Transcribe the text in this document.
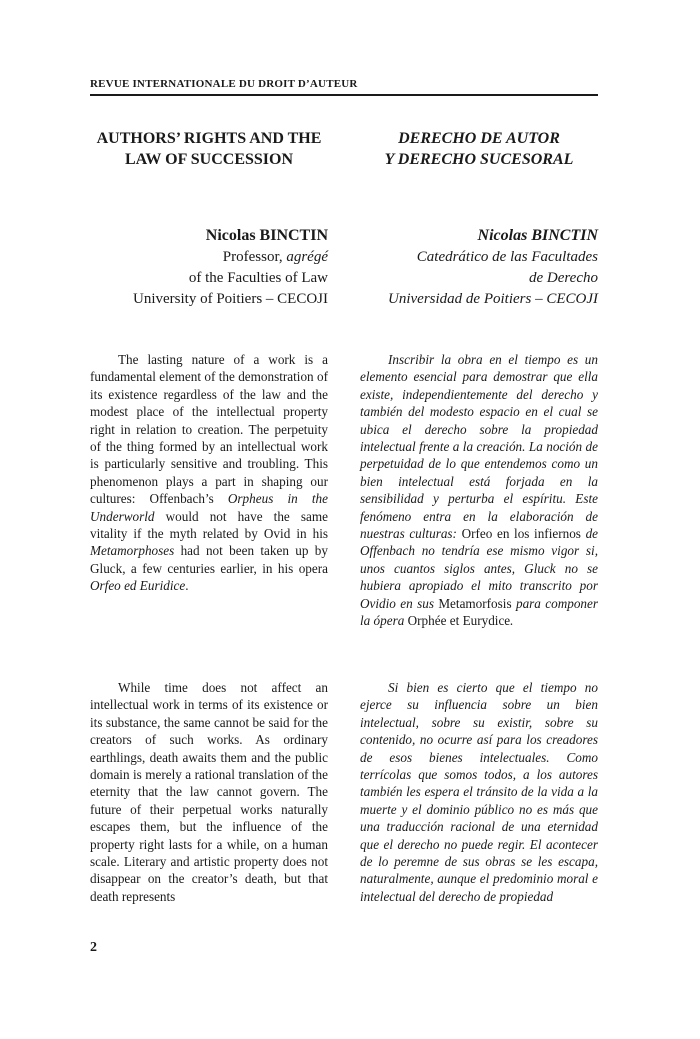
REVUE INTERNATIONALE DU DROIT D’AUTEUR
AUTHORS’ RIGHTS AND THE
LAW OF SUCCESSION
DERECHO DE AUTOR
Y DERECHO SUCESORAL
Nicolas BINCTIN
Professor, agrégé
of the Faculties of Law
University of Poitiers – CECOJI
Nicolas BINCTIN
Catedrático de las Facultades
de Derecho
Universidad de Poitiers – CECOJI

The lasting nature of a work is a fundamental element of the demonstration of its existence regardless of the law and the modest place of the intellectual property right in relation to creation. The perpetuity of the thing formed by an intellectual work is particularly sensitive and troubling. This phenomenon plays a part in shaping our cultures: Offenbach’s Orpheus in the Underworld would not have the same vitality if the myth related by Ovid in his Metamorphoses had not been taken up by Gluck, a few centuries earlier, in his opera Orfeo ed Euridice.

Inscribir la obra en el tiempo es un elemento esencial para demostrar que ella existe, independientemente del derecho y también del modesto espacio en el cual se ubica el derecho sobre la propiedad intelectual frente a la creación. La noción de perpetuidad de lo que entendemos como un bien intelectual está forjada en la sensibilidad y perturba el espíritu. Este fenómeno entra en la elaboración de nuestras culturas: Orfeo en los infiernos de Offenbach no tendría ese mismo vigor si, unos cuantos siglos antes, Gluck no se hubiera apropiado el mito transcrito por Ovidio en sus Metamorfosis para componer la ópera Orphée et Eurydice.

While time does not affect an intellectual work in terms of its existence or its substance, the same cannot be said for the creators of such works. As ordinary earthlings, death awaits them and the public domain is merely a rational translation of the eternity that the law cannot govern. The future of their perpetual works naturally escapes them, but the influence of the property right lasts for a while, on a human scale. Literary and artistic property does not disappear on the creator’s death, but that death represents

Si bien es cierto que el tiempo no ejerce su influencia sobre un bien intelectual, sobre su existir, sobre su contenido, no ocurre así para los creadores de esos bienes intelectuales. Como terrícolas que somos todos, a los autores también les espera el tránsito de la vida a la muerte y el dominio público no es más que una traducción racional de una eternidad que el derecho no puede regir. El acontecer de lo peremne de sus obras se les escapa, naturalmente, aunque el predominio moral e intelectual del derecho de propiedad

2
